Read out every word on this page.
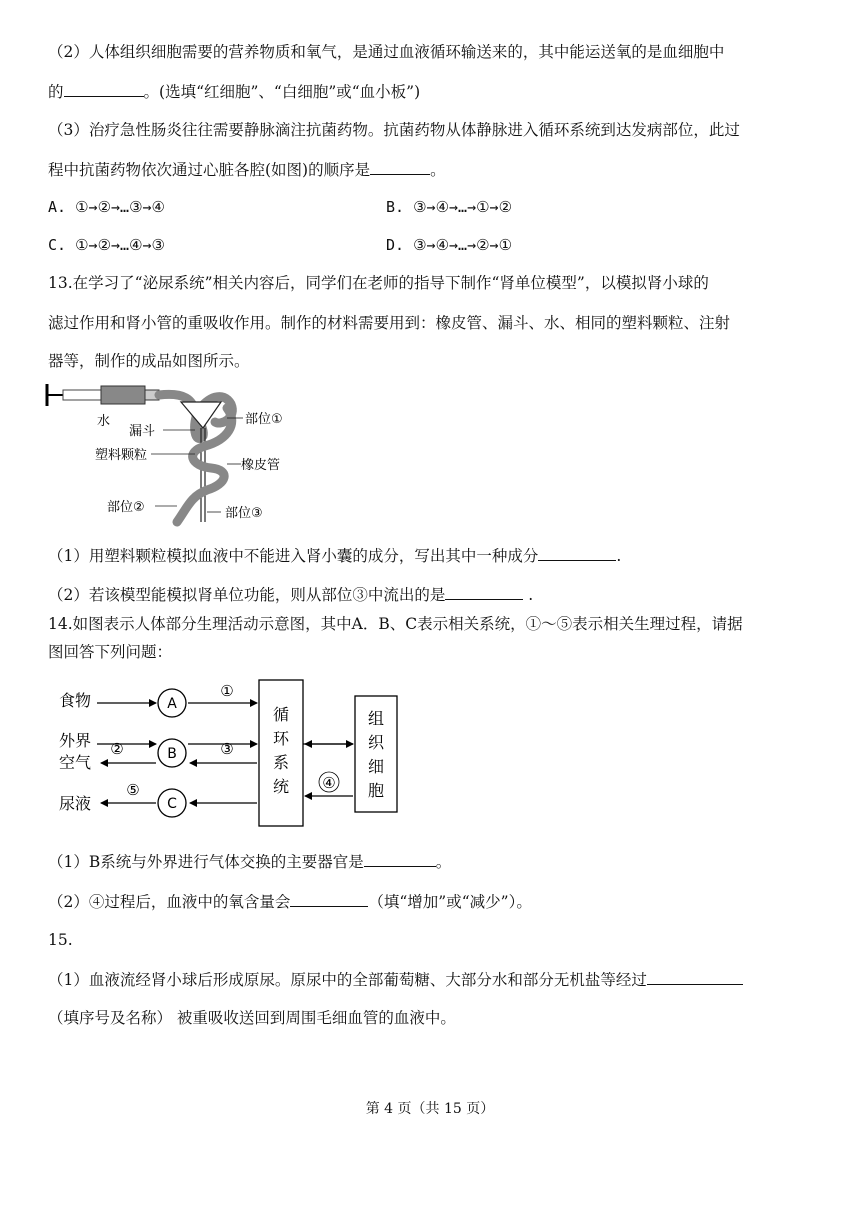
（2）人体组织细胞需要的营养物质和氧气，是通过血液循环输送来的，其中能运送氧的是血细胞中
的	。(选填“红细胞”、“白细胞”或“血小板”)
（3）治疗急性肠炎往往需要静脉滴注抗菌药物。抗菌药物从体静脉进入循环系统到达发病部位，此过
程中抗菌药物依次通过心脏各腔(如图)的顺序是	。
A. ①→②→…③→④	B. ③→④→…→①→②
C. ①→②→…④→③	D. ③→④→…→②→①
13.在学习了“泌尿系统”相关内容后，同学们在老师的指导下制作“肾单位模型”，以模拟肾小球的
滤过作用和肾小管的重吸收作用。制作的材料需要用到：橡皮管、漏斗、水、相同的塑料颗粒、注射
器等，制作的成品如图所示。
水
漏斗
塑料颗粒
部位①
橡皮管
部位②	部位③
（1）用塑料颗粒模拟血液中不能进入肾小囊的成分，写出其中一种成分	.
（2）若该模型能模拟肾单位功能，则从部位③中流出的是	.
14.如图表示人体部分生理活动示意图，其中A．B、C表示相关系统，①～⑤表示相关生理过程，请据
图回答下列问题：
食物
外界
空气
尿液
A
B
C
②
⑤
①
③
循
环
系
统 ④
组
织
细
胞
（1）B系统与外界进行气体交换的主要器官是	。
（2）④过程后，血液中的氧含量会	（填“增加”或“减少”）。
15.
（1）血液流经肾小球后形成原尿。原尿中的全部葡萄糖、大部分水和部分无机盐等经过
（填序号及名称） 被重吸收送回到周围毛细血管的血液中。
第 4 页（共 15 页）
